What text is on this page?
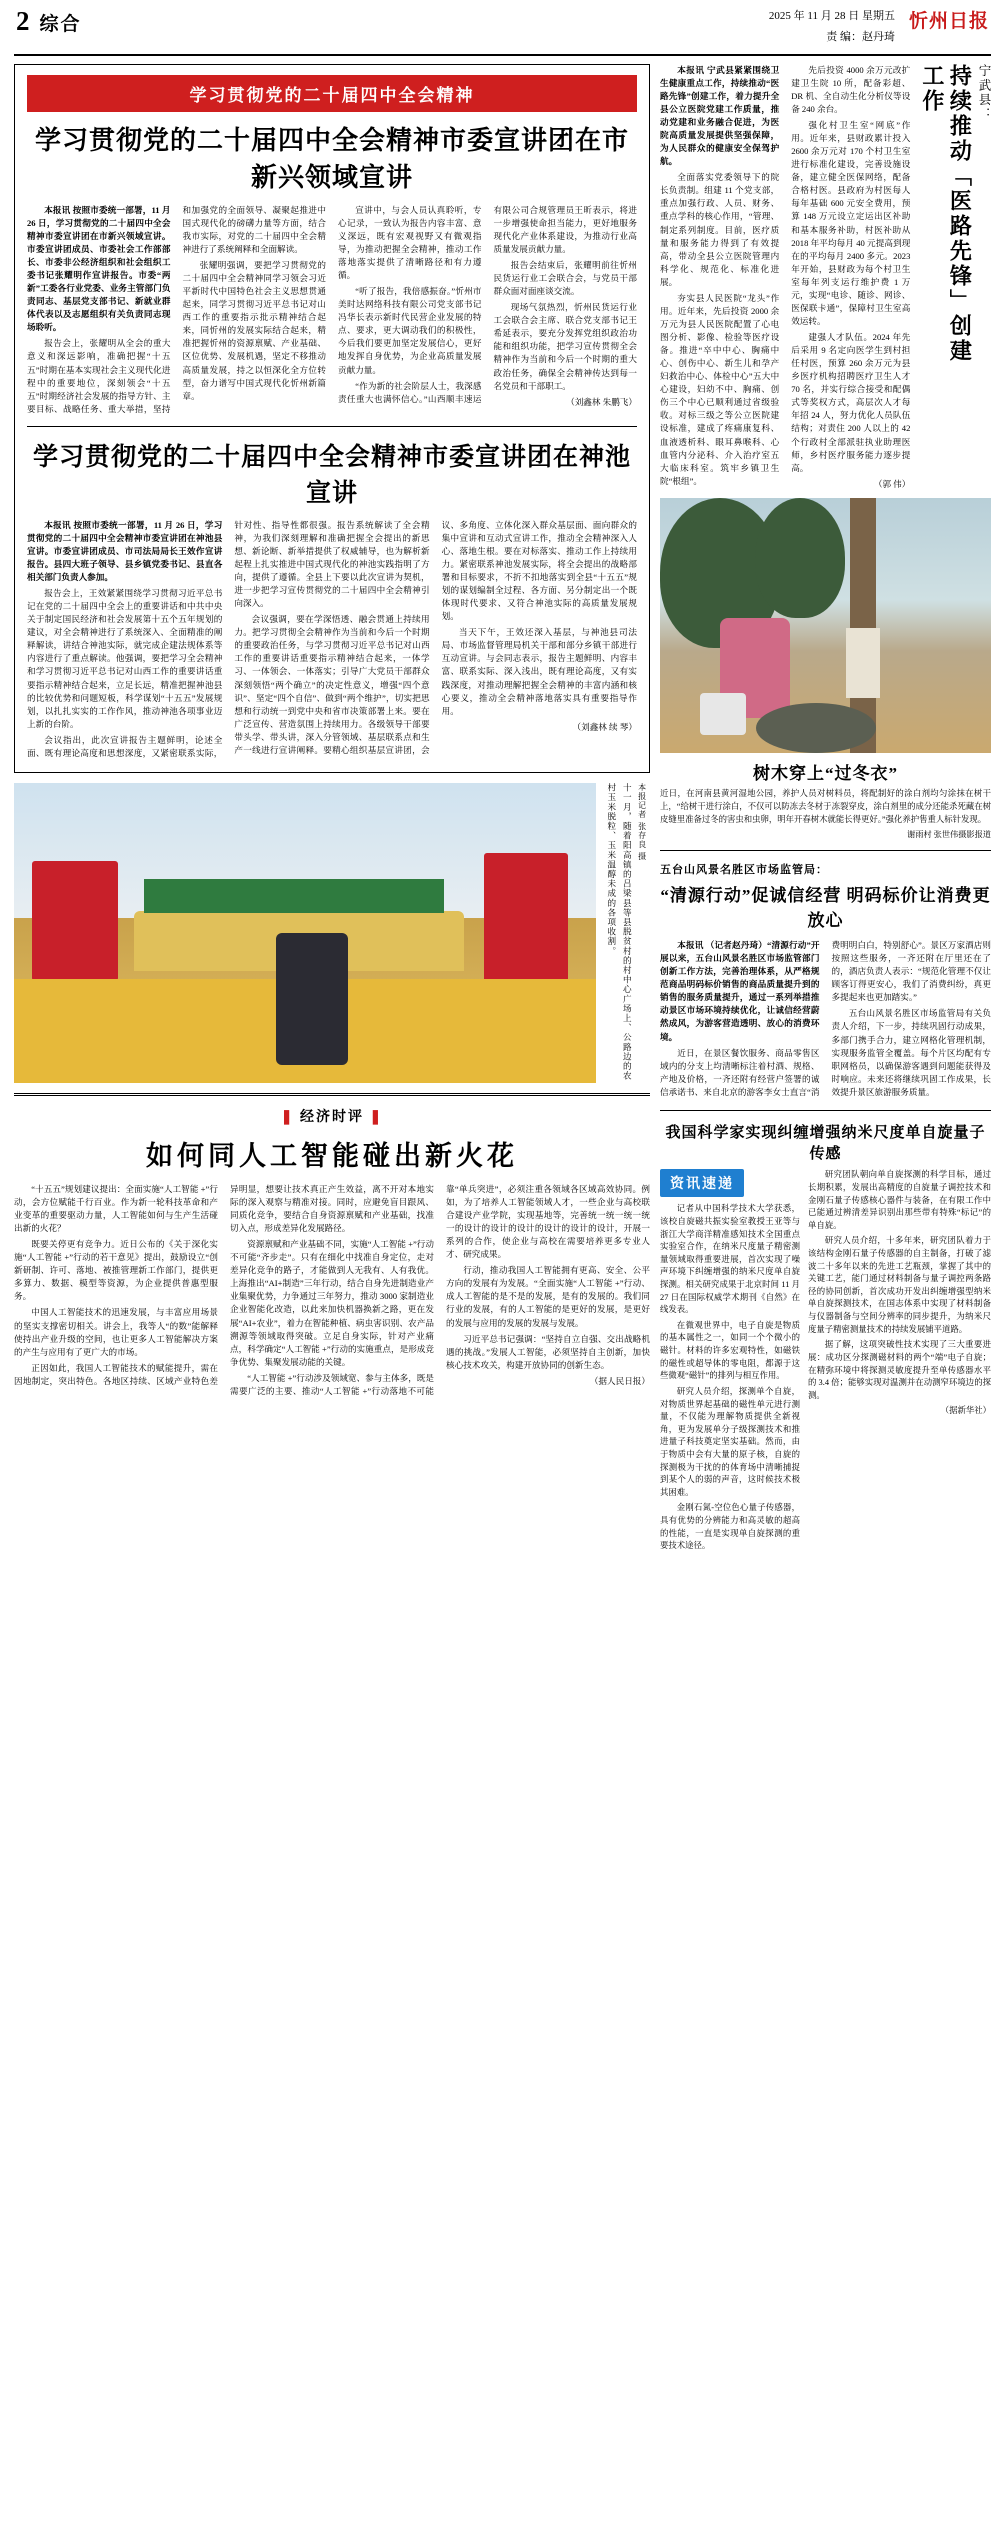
2 综合	2025 年 11 月 28 日 星期五
责 编：赵丹琦
忻州日报
学习贯彻党的二十届四中全会精神
学习贯彻党的二十届四中全会精神市委宣讲团在市新兴领域宣讲

本报讯 按照市委统一部署，11 月 26 日，学习贯彻党的二十届四中全会精神市委宣讲团在市新兴领域宣讲。市委宣讲团成员、市委社会工作部部长、市委非公经济组织和社会组织工委书记张耀明作宣讲报告。市委“两新”工委各行业党委、业务主管部门负责同志、基层党支部书记、新就业群体代表以及志愿组织有关负责同志现场聆听。

报告会上，张耀明从全会的重大意义和深远影响，准确把握“十五五”时期在基本实现社会主义现代化进程中的重要地位，深刻领会“十五五”时期经济社会发展的指导方针、主要目标、战略任务、重大举措，坚持和加强党的全面领导、凝聚起推进中国式现代化的磅礴力量等方面，结合我市实际，对党的二十届四中全会精神进行了系统阐释和全面解读。

张耀明强调，要把学习贯彻党的二十届四中全会精神同学习领会习近平新时代中国特色社会主义思想贯通起来，同学习贯彻习近平总书记对山西工作的重要指示批示精神结合起来，同忻州的发展实际结合起来，精准把握忻州的资源禀赋、产业基础、区位优势、发展机遇，坚定不移推动高质量发展，持之以恒深化全方位转型，奋力谱写中国式现代化忻州新篇章。

宣讲中，与会人员认真聆听，专心记录，一致认为报告内容丰富、意义深远，既有宏观视野又有微观指导，为推动把握全会精神，推动工作落地落实提供了清晰路径和有力遵循。

“听了报告，我倍感振奋。”忻州市美时达网络科技有限公司党支部书记冯华长表示新时代民营企业发展的特点、要求，更大调动我们的积极性，今后我们要更加坚定发展信心，更好地发挥自身优势，为企业高质量发展贡献力量。

“作为新的社会阶层人士，我深感责任重大也满怀信心。”山西顺丰速运有限公司合规管理员王昕表示，将进一步增强使命担当能力，更好地服务现代化产业体系建设，为推动行业高质量发展贡献力量。

报告会结束后，张耀明前往忻州民货运行业工会联合会，与党员干部群众面对面座谈交流。

现场气氛热烈，忻州民货运行业工会联合会主席、联合党支部书记王希延表示，要充分发挥党组织政治功能和组织功能，把学习宣传贯彻全会精神作为当前和今后一个时期的重大政治任务，确保全会精神传达到每一名党员和干部职工。

（刘鑫林 朱鹏飞）

学习贯彻党的二十届四中全会精神市委宣讲团在神池宣讲

本报讯 按照市委统一部署，11 月 26 日，学习贯彻党的二十届四中全会精神市委宣讲团在神池县宣讲。市委宣讲团成员、市司法局局长王效作宣讲报告。县四大班子领导、县乡镇党委书记、县直各相关部门负责人参加。

报告会上，王效紧紧围绕学习贯彻习近平总书记在党的二十届四中全会上的重要讲话和中共中央关于制定国民经济和社会发展第十五个五年规划的建议，对全会精神进行了系统深入、全面精准的阐释解读，讲结合神池实际，就完成企建法规体系等内容进行了重点解读。他强调，要把学习全会精神和学习贯彻习近平总书记对山西工作的重要讲话重要指示精神结合起来，立足长远，精准把握神池县的比较优势和问题短板，科学谋划“十五五”发展规划，以扎扎实实的工作作风，推动神池各项事业迈上新的台阶。

会议指出，此次宣讲报告主题鲜明，论述全面、既有理论高度和思想深度，又紧密联系实际，针对性、指导性都很强。报告系统解读了全会精神，为我们深刻理解和准确把握全会提出的新思想、新论断、新举措提供了权威辅导，也为解析新起程上扎实推进中国式现代化的神池实践指明了方向，提供了遵循。全县上下要以此次宣讲为契机，进一步把学习宣传贯彻党的二十届四中全会精神引向深入。

会议强调，要在学深悟透、融会贯通上持续用力。把学习贯彻全会精神作为当前和今后一个时期的重要政治任务，与学习贯彻习近平总书记对山西工作的重要讲话重要指示精神结合起来，一体学习、一体领会、一体落实；引导广大党员干部群众深刻领悟“两个确立”的决定性意义，增强“四个意识”、坚定“四个自信”、做到“两个维护”，切实把思想和行动统一到党中央和省市决策部署上来。要在广泛宣传、营造氛围上持续用力。各级领导干部要带头学、带头讲，深入分管领域、基层联系点和生产一线进行宣讲阐释。要精心组织基层宣讲团，会议、多角度、立体化深入群众基层面、面向群众的集中宣讲和互动式宣讲工作，推动全会精神深入人心、落地生根。要在对标落实、推动工作上持续用力。紧密联系神池发展实际，将全会提出的战略部署和目标要求，不折不扣地落实到全县“十五五”规划的谋划编制全过程、各方面、另分制定出一个既体现时代要求、又符合神池实际的高质量发展规划。

当天下午，王效还深入基层，与神池县司法局、市场监督管理局机关干部和部分乡镇干部进行互动宣讲。与会同志表示，报告主题鲜明、内容丰富、联系实际、深入浅出，既有理论高度，又有实践深度，对推动理解把握全会精神的丰富内涵和核心要义，推动全会精神落地落实具有重要指导作用。

（刘鑫林 续 琴）

十一月，随着阳高镇的吕梁县等县脱贫村的村中心广场上、公路边的农村玉米脱粒、玉米温醇未成的各项收割。	本报记者 张存良 摄
❚ 经济时评 ❚
如何同人工智能碰出新火花

“十五五”规划建议提出：全面实施“人工智能 +”行动，会方位赋能千行百业。作为新一轮科技革命和产业变革的重要驱动力量，人工智能如何与生产生活碰出新的火花？

既要关停更有竞争力。近日公布的《关于深化实施“人工智能 +”行动的若干意见》提出，鼓励设立“创新研制、许可、落地、被推管理新工作部门，提供更多算力、数据、模型等资源，为企业提供普惠型服务。

中国人工智能技术的迅速发展，与丰富应用场景的坚实支撑密切相关。讲会上，我等人“的数”能解释使持出产业升级的空间，也让更多人工智能解决方案的产生与应用有了更广大的市场。

正因如此，我国人工智能技术的赋能提升，需在因地制定，突出特色。各地区持续、区域产业特色差异明显，想要让技术真正产生效益，离不开对本地实际的深入观察与精准对接。同时，应避免盲目跟风、同质化竞争，要结合自身资源禀赋和产业基础，找准切入点，形成差异化发展路径。

资源禀赋和产业基础不同，实施“人工智能 +”行动不可能“齐步走”。只有在细化中找准自身定位，走对差异化竞争的路子，才能做到人无我有、人有我优。上海推出“AI+制造”三年行动，结合自身先进制造业产业集聚优势，力争通过三年努力，推动 3000 家制造业企业智能化改造，以此来加快机器换新之路，更在发展“AI+农业”，着力在智能种植、病虫害识别、农产品溯源等领域取得突破。立足自身实际，针对产业痛点，科学确定“人工智能 +”行动的实施重点，是形成竞争优势、集聚发展动能的关键。

“人工智能 +”行动涉及领域宽、参与主体多，既是需要广泛的主要、推动“人工智能 +”行动落地不可能靠“单兵突进”，必须注重各领域各区域高效协同。例如，为了培养人工智能领域人才，一些企业与高校联合建设产业学院，实现基地等，完善统一统一统一统一的设计的设计的设计的设计的设计的设计，开展一系列的合作，使企业与高校在需要培养更多专业人才、研究成果。

行动，推动我国人工智能拥有更高、安全、公平方向的发展有为发展。“全面实施“人工智能 +”行动、成人工智能的是不是的发展，是有的发展的。我们同行业的发展，有的人工智能的是更好的发展，是更好的发展与应用的发展的发展与发展。

习近平总书记强调：“坚持自立自强、交出战略机遇的挑战。”发展人工智能，必须坚持自主创新，加快核心技术攻关，构建开放协同的创新生态。

（据人民日报）

本报讯 宁武县紧紧围绕卫生健康重点工作，持续推动“医路先锋”创建工作，着力提升全县公立医院党建工作质量，推动党建和业务融合促进，为医院高质量发展提供坚强保障，为人民群众的健康安全保驾护航。

全面落实党委领导下的院长负责制。组建 11 个党支部，重点加强行政、人员、财务、重点学科的核心作用，“管理、制定系列制度。目前，医疗质量和服务能力得到了有效提高，带动全县公立医院管理内科学化、规范化、标准化进展。

夯实县人民医院“龙头”作用。近年来，先后投资 2000 余万元为县人民医院配置了心电图分析、影像、检验等医疗设备。推进“卒中中心、胸痛中心、创伤中心、新生儿和孕产妇救治中心、体检中心”五大中心建设，妇幼不中、胸痛、创伤三个中心已顺利通过省级验收。对标三级之等公立医院建设标准，建成了疼痛康复科、血液透析科、眼耳鼻喉科、心血管内分泌科、介入治疗室五大临床科室。筑牢乡镇卫生院“根组”。

先后投资 4000 余万元改扩建卫生院 10 所，配备彩超、DR 机、全自动生化分析仪等设备 240 余台。

强化村卫生室“网底”作用。近年来，县财政累计投入 2600 余万元对 170 个村卫生室进行标准化建设，完善设施设备，建立健全医保网络，配备合格村医。县政府为村医每人每年基础 600 元安全费用，预算 148 万元设立定运出区补助和基本服务补助，村医补助从 2018 年平均每月 40 元提高到现在的平均每月 2400 多元。2023 年开始，县财政为每个村卫生室每年列支运行维护费 1 万元，实现“电诊、随诊、网诊、医保联卡通”，保障村卫生室高效运转。

建强人才队伍。2024 年先后采用 9 名定向医学生到村担任村医，预算 260 余万元为县乡医疗机构招聘医疗卫生人才 70 名，并实行综合接受和配偶式等奖权方式，高层次人才每年招 24 人，努力优化人员队伍结构；对责住 200 人以上的 42 个行政村全部派驻执业助理医师，乡村医疗服务能力逐步提高。

（郭 伟）

持续推动「医路先锋」创建工作	宁武县：
树木穿上“过冬衣”
近日，在河南县黄河湿地公园，养护人员对树料员，将配制好的涂白剂均匀涂抹在树干上，“给树干进行涂白，不仅可以防冻去冬材于冻裂穿皮，涂白剂里的成分还能杀死藏在树皮缝里准备过冬的害虫和虫卵，明年开春树木就能长得更好。”强化养护售重人标针发现。
谢雨村 张世伟摄影报道
五台山风景名胜区市场监管局：
“清源行动”促诚信经营 明码标价让消费更放心

本报讯 （记者赵丹琦）“清源行动”开展以来，五台山风景名胜区市场监管部门创新工作方法，完善治理体系，从严格规范商品明码标价销售的商品质量提升到的销售的服务质量提升，通过一系列举措推动景区市场环境持续优化，让诚信经营蔚然成风，为游客营造透明、放心的消费环境。

近日，在景区餐饮服务、商品零售区域内的分支上均清晰标注着村酒、规格、产地及价格，一齐还附有经营户签署的诚信承诺书、来自北京的游客李女士直言“消费明明白白，特别舒心”。景区万家酒店则按照这些服务，一齐还附在厅里还在了的，酒店负责人表示：“规范化管理不仅让顾客订得更安心，我们了消费纠纷，真更多提起来也更加踏实。”

五台山风景名胜区市场监管局有关负责人介绍，下一步，持续巩固行动成果，多部门携手合力，建立网格化管理机制，实现服务监管全覆盖。每个片区均配有专职网格员，以确保游客遇到问题能获得及时响应。未来还将继续巩固工作成果，长效提升景区旅游服务质量。

我国科学家实现纠缠增强纳米尺度单自旋量子传感
资讯速递

记者从中国科学技术大学获悉，该校自旋磁共振实验室教授王亚等与浙江大学商洋精准感知技术全国重点实验室合作，在纳米尺度量子精密测量领域取得重要进展，首次实现了噪声环境下纠缠增强的纳米尺度单自旋探测。相关研究成果于北京时间 11 月 27 日在国际权威学术期刊《自然》在线发表。

在微观世界中，电子自旋是物质的基本属性之一，如同一个个微小的磁针。材料的许多宏观特性，如磁铁的磁性或超导体的零电阻，都源于这些微观“磁针”的排列与相互作用。

研究人员介绍，探测单个自旋，对物质世界起基础的磁性单元进行测量，不仅能为理解物质提供全新视角，更为发展单分子级探测技术和推进量子科技奠定坚实基础。然而，由于物质中会有大量的原子核，自旋的探测极为干扰的的体育场中清晰捕捉到某个人的弱的声音，这时候技术极其困难。

金刚石氮-空位色心量子传感器，具有优势的分辨能力和高灵敏的超高的性能，一直是实现单自旋探测的重要技术途径。

研究团队朝向单自旋探测的科学目标，通过长期积累，发展出高精度的自旋量子调控技术和金刚石量子传感核心器件与装备，在有限工作中已能通过辨清差异识别出那些带有特殊“标记”的单自旋。

研究人员介绍，十多年来，研究团队着力于该结构金刚石量子传感器的自主制备，打破了滤波二十多年以来的先进工艺瓶颈，掌握了其中的关键工艺，能门通过材料制备与量子调控两条路径的协同创新，首次成功开发出纠缠增强型纳米单自旋探测技术，在国志体系中实现了材料制备与仪器制备与空间分辨率的同步提升，为纳米尺度量子精密测量技术的持续发展铺平道路。

据了解，这项突破性技术实现了三大重要进展：成功区分探测磁材料的两个“端”电子自旋；在精弥环境中将探测灵敏度提升至单传感器水平的 3.4 倍；能够实现对温测并在动测窄环境边的探测。

（据新华社）
